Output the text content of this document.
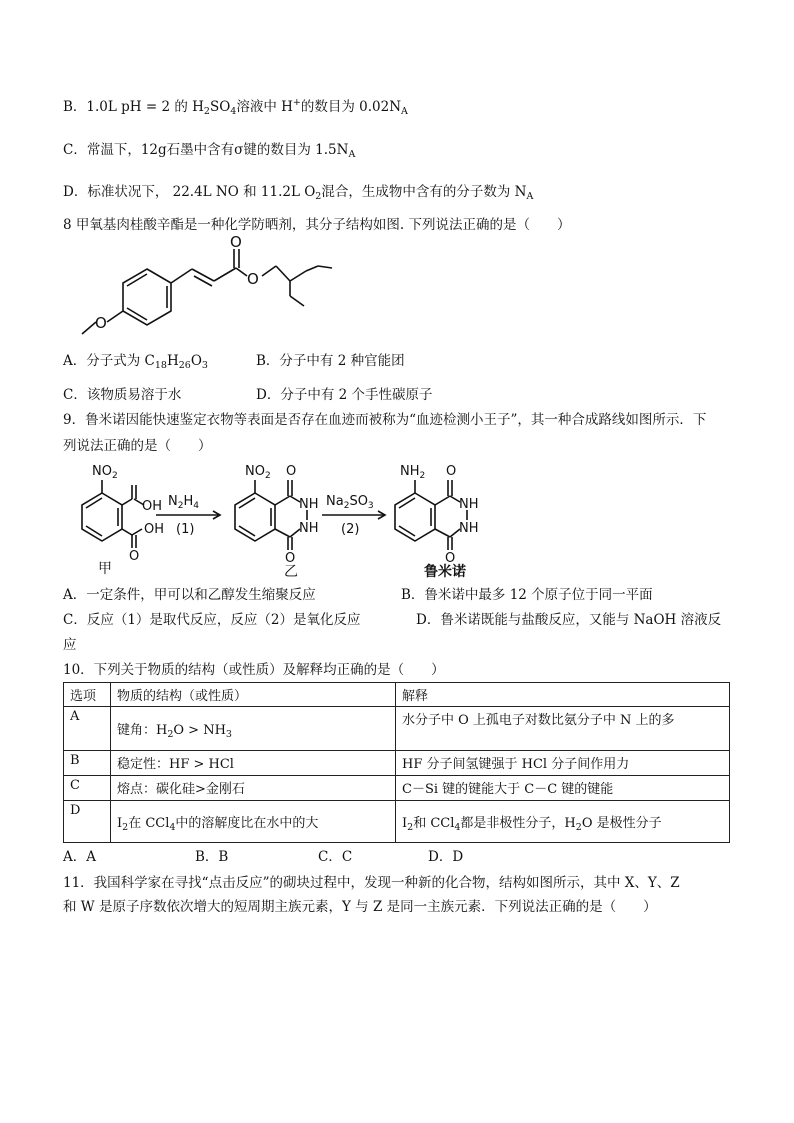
B．1.0L pH = 2 的 $H_2SO_4$溶液中 H+的数目为 $0.02N_A$
C．常温下，12g石墨中含有σ键的数目为 $1.5N_A$
D．标准状况下， 22.4L NO 和 11.2L $O_2$混合，生成物中含有的分子数为 $N_A$
8 甲氧基肉桂酸辛酯是一种化学防晒剂，其分子结构如图. 下列说法正确的是（　　）
O
O
O
A．分子式为 $C_{18}H_{26}O_3$	B．分子中有 2 种官能团
C．该物质易溶于水	D．分子中有 2 个手性碳原子
9．鲁米诺因能快速鉴定衣物等表面是否存在血迹而被称为“血迹检测小王子”，其一种合成路线如图所示．下
列说法正确的是（　　）
$NO_2$
OH
OH
O
甲
$N_2H_4$
(1)
$NO_2$ O
NH
NH
O
乙
$Na_2SO_3$
(2)
$NH_2$ O
NH
NH
O
鲁米诺
A．一定条件，甲可以和乙醇发生缩聚反应	B．鲁米诺中最多 12 个原子位于同一平面
C．反应（1）是取代反应，反应（2）是氧化反应	D．鲁米诺既能与盐酸反应，又能与 NaOH 溶液反
应
10．下列关于物质的结构（或性质）及解释均正确的是（　　）
选项	物质的结构（或性质）	解释
A	键角：$H_2O > NH_3$	水分子中 O 上孤电子对数比氨分子中 N 上的多
B	稳定性：HF > HCl	HF 分子间氢键强于 HCl 分子间作用力
C	熔点：碳化硅>金刚石	C－Si 键的键能大于 C－C 键的键能
D	$I_2$在 CCl$_4$中的溶解度比在水中的大	$I_2$和 CCl$_4$都是非极性分子，$H_2O$ 是极性分子
A．A	B．B	C．C	D．D
11．我国科学家在寻找“点击反应”的砌块过程中，发现一种新的化合物，结构如图所示，其中 X、Y、Z
和 W 是原子序数依次增大的短周期主族元素，Y 与 Z 是同一主族元素．下列说法正确的是（　　）
